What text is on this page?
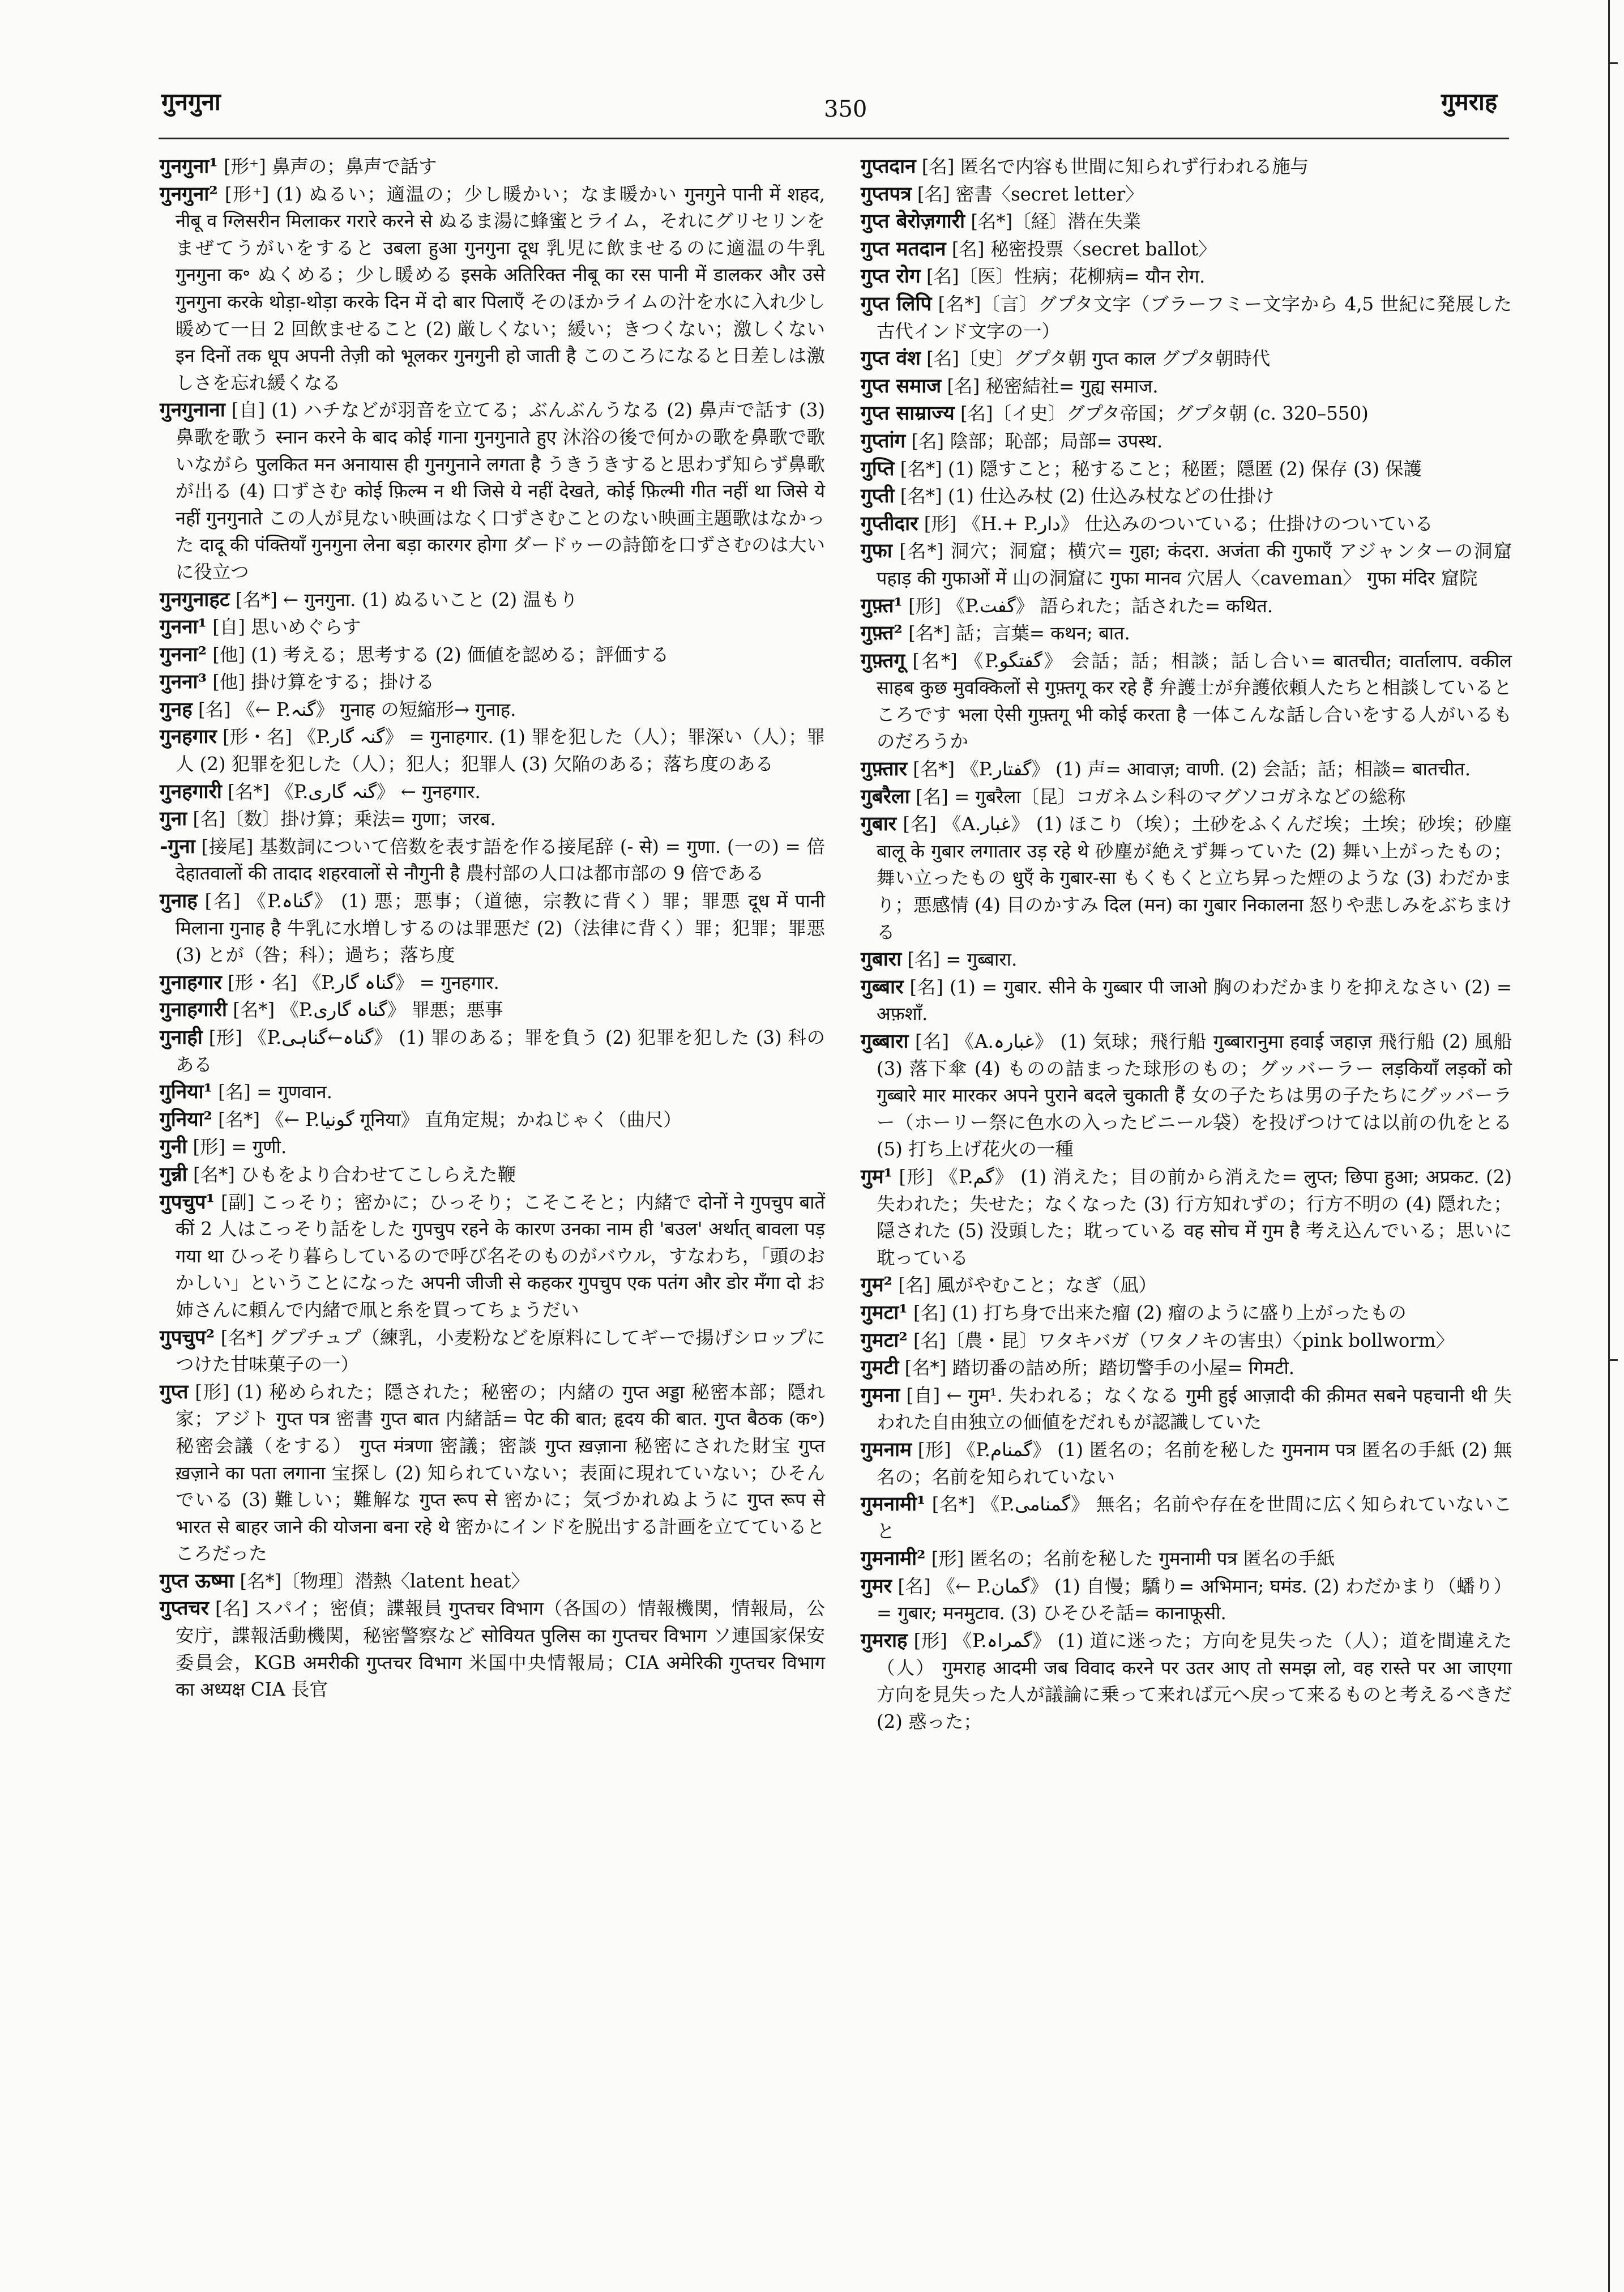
गुनगुना	350	गुमराह

गुनगुना¹ [形⁺] 鼻声の；鼻声で話す

गुनगुना² [形⁺] (1) ぬるい；適温の；少し暖かい；なま暖かい गुनगुने पानी में शहद, नीबू व ग्लिसरीन मिलाकर गरारे करने से ぬるま湯に蜂蜜とライム，それにグリセリンをまぜてうがいをすると उबला हुआ गुनगुना दूध 乳児に飲ませるのに適温の牛乳 गुनगुना क॰ ぬくめる；少し暖める इसके अतिरिक्त नीबू का रस पानी में डालकर और उसे गुनगुना करके थोड़ा-थोड़ा करके दिन में दो बार पिलाएँ そのほかライムの汁を水に入れ少し暖めて一日 2 回飲ませること (2) 厳しくない；緩い；きつくない；激しくない इन दिनों तक धूप अपनी तेज़ी को भूलकर गुनगुनी हो जाती है このころになると日差しは激しさを忘れ緩くなる

गुनगुनाना [自] (1) ハチなどが羽音を立てる；ぶんぶんうなる (2) 鼻声で話す (3) 鼻歌を歌う स्नान करने के बाद कोई गाना गुनगुनाते हुए 沐浴の後で何かの歌を鼻歌で歌いながら पुलकित मन अनायास ही गुनगुनाने लगता है うきうきすると思わず知らず鼻歌が出る (4) 口ずさむ कोई फ़िल्म न थी जिसे ये नहीं देखते, कोई फ़िल्मी गीत नहीं था जिसे ये नहीं गुनगुनाते この人が見ない映画はなく口ずさむことのない映画主題歌はなかった दादू की पंक्तियाँ गुनगुना लेना बड़ा कारगर होगा ダードゥーの詩節を口ずさむのは大いに役立つ

गुनगुनाहट [名*] ← गुनगुना. (1) ぬるいこと (2) 温もり

गुनना¹ [自] 思いめぐらす

गुनना² [他] (1) 考える；思考する (2) 価値を認める；評価する

गुनना³ [他] 掛け算をする；掛ける

गुनह [名] 《← P.گنہ》 गुनाह の短縮形→ गुनाह.

गुनहगार [形・名] 《P.گنہ گار》 = गुनाहगार. (1) 罪を犯した（人）；罪深い（人）；罪人 (2) 犯罪を犯した（人）；犯人；犯罪人 (3) 欠陥のある；落ち度のある

गुनहगारी [名*] 《P.گنہ گاری》 ← गुनहगार.

गुना [名]〔数〕掛け算；乗法= गुणा；जरब.

-गुना [接尾] 基数詞について倍数を表す語を作る接尾辞 (- से) = गुणा. (一の) = 倍 देहातवालों की तादाद शहरवालों से नौगुनी है 農村部の人口は都市部の 9 倍である

गुनाह [名] 《P.گناہ》 (1) 悪；悪事；（道徳，宗教に背く）罪；罪悪 दूध में पानी मिलाना गुनाह है 牛乳に水増しするのは罪悪だ (2)（法律に背く）罪；犯罪；罪悪 (3) とが（咎；科）；過ち；落ち度

गुनाहगार [形・名] 《P.گناہ گار》 = गुनहगार.

गुनाहगारी [名*] 《P.گناہ گاری》 罪悪；悪事

गुनाही [形] 《P.گناہ←گناہی》 (1) 罪のある；罪を負う (2) 犯罪を犯した (3) 科のある

गुनिया¹ [名] = गुणवान.

गुनिया² [名*] 《← P.گونیا गूनिया》 直角定規；かねじゃく（曲尺）

गुनी [形] = गुणी.

गुन्नी [名*] ひもをより合わせてこしらえた鞭

गुपचुप¹ [副] こっそり；密かに；ひっそり；こそこそと；内緒で दोनों ने गुपचुप बातें कीं 2 人はこっそり話をした गुपचुप रहने के कारण उनका नाम ही 'बउल' अर्थात् बावला पड़ गया था ひっそり暮らしているので呼び名そのものがバウル，すなわち，「頭のおかしい」ということになった अपनी जीजी से कहकर गुपचुप एक पतंग और डोर मँगा दो お姉さんに頼んで内緒で凧と糸を買ってちょうだい

गुपचुप² [名*] グプチュプ（練乳，小麦粉などを原料にしてギーで揚げシロップにつけた甘味菓子の一）

गुप्त [形] (1) 秘められた；隠された；秘密の；内緒の गुप्त अड्डा 秘密本部；隠れ家；アジト गुप्त पत्र 密書 गुप्त बात 内緒話= पेट की बात; हृदय की बात. गुप्त बैठक (क॰) 秘密会議（をする） गुप्त मंत्रणा 密議；密談 गुप्त ख़ज़ाना 秘密にされた財宝 गुप्त ख़ज़ाने का पता लगाना 宝探し (2) 知られていない；表面に現れていない；ひそんでいる (3) 難しい；難解な गुप्त रूप से 密かに；気づかれぬように गुप्त रूप से भारत से बाहर जाने की योजना बना रहे थे 密かにインドを脱出する計画を立てているところだった

गुप्त ऊष्मा [名*]〔物理〕潜熱〈latent heat〉

गुप्तचर [名] スパイ；密偵；諜報員 गुप्तचर विभाग（各国の）情報機関，情報局，公安庁，諜報活動機関，秘密警察など सोवियत पुलिस का गुप्तचर विभाग ソ連国家保安委員会，KGB अमरीकी गुप्तचर विभाग 米国中央情報局；CIA अमेरिकी गुप्तचर विभाग का अध्यक्ष CIA 長官

गुप्तदान [名] 匿名で内容も世間に知られず行われる施与

गुप्तपत्र [名] 密書〈secret letter〉

गुप्त बेरोज़गारी [名*]〔経〕潜在失業

गुप्त मतदान [名] 秘密投票〈secret ballot〉

गुप्त रोग [名]〔医〕性病；花柳病= यौन रोग.

गुप्त लिपि [名*]〔言〕グプタ文字（ブラーフミー文字から 4,5 世紀に発展した古代インド文字の一）

गुप्त वंश [名]〔史〕グプタ朝 गुप्त काल グプタ朝時代

गुप्त समाज [名] 秘密結社= गुह्य समाज.

गुप्त साम्राज्य [名]〔イ史〕グプタ帝国；グプタ朝 (c. 320–550)

गुप्तांग [名] 陰部；恥部；局部= उपस्थ.

गुप्ति [名*] (1) 隠すこと；秘すること；秘匿；隠匿 (2) 保存 (3) 保護

गुप्ती [名*] (1) 仕込み杖 (2) 仕込み杖などの仕掛け

गुप्तीदार [形] 《H.+ P.دار》 仕込みのついている；仕掛けのついている

गुफा [名*] 洞穴；洞窟；横穴= गुहा; कंदरा. अजंता की गुफाएँ アジャンターの洞窟 पहाड़ की गुफाओं में 山の洞窟に गुफा मानव 穴居人〈caveman〉 गुफा मंदिर 窟院

गुफ़्त¹ [形] 《P.گفت》 語られた；話された= कथित.

गुफ़्त² [名*] 話；言葉= कथन; बात.

गुफ़्तगू [名*] 《P.گفتگو》 会話；話；相談；話し合い= बातचीत; वार्तालाप. वकील साहब कुछ मुवक्किलों से गुफ़्तगू कर रहे हैं 弁護士が弁護依頼人たちと相談しているところです भला ऐसी गुफ़्तगू भी कोई करता है 一体こんな話し合いをする人がいるものだろうか

गुफ़्तार [名*] 《P.گفتار》 (1) 声= आवाज़; वाणी. (2) 会話；話；相談= बातचीत.

गुबरैला [名] = गुबरैला〔昆〕コガネムシ科のマグソコガネなどの総称

गुबार [名] 《A.غبار》 (1) ほこり（埃）；土砂をふくんだ埃；土埃；砂埃；砂塵 बालू के गुबार लगातार उड़ रहे थे 砂塵が絶えず舞っていた (2) 舞い上がったもの；舞い立ったもの धुएँ के गुबार-सा もくもくと立ち昇った煙のような (3) わだかまり；悪感情 (4) 目のかすみ दिल (मन) का गुबार निकालना 怒りや悲しみをぶちまける

गुबारा [名] = गुब्बारा.

गुब्बार [名] (1) = गुबार. सीने के गुब्बार पी जाओ 胸のわだかまりを抑えなさい (2) = अफ़शाँ.

गुब्बारा [名] 《A.غبارہ》 (1) 気球；飛行船 गुब्बारानुमा हवाई जहाज़ 飛行船 (2) 風船 (3) 落下傘 (4) ものの詰まった球形のもの；グッバーラー लड़कियाँ लड़कों को गुब्बारे मार मारकर अपने पुराने बदले चुकाती हैं 女の子たちは男の子たちにグッバーラー（ホーリー祭に色水の入ったビニール袋）を投げつけては以前の仇をとる (5) 打ち上げ花火の一種

गुम¹ [形] 《P.گم》 (1) 消えた；目の前から消えた= लुप्त; छिपा हुआ; अप्रकट. (2) 失われた；失せた；なくなった (3) 行方知れずの；行方不明の (4) 隠れた；隠された (5) 没頭した；耽っている वह सोच में गुम है 考え込んでいる；思いに耽っている

गुम² [名] 風がやむこと；なぎ（凪）

गुमटा¹ [名] (1) 打ち身で出来た瘤 (2) 瘤のように盛り上がったもの

गुमटा² [名]〔農・昆〕ワタキバガ（ワタノキの害虫）〈pink bollworm〉

गुमटी [名*] 踏切番の詰め所；踏切警手の小屋= गिमटी.

गुमना [自] ← गुम¹. 失われる；なくなる गुमी हुई आज़ादी की क़ीमत सबने पहचानी थी 失われた自由独立の価値をだれもが認識していた

गुमनाम [形] 《P.گمنام》 (1) 匿名の；名前を秘した गुमनाम पत्र 匿名の手紙 (2) 無名の；名前を知られていない

गुमनामी¹ [名*] 《P.گمنامی》 無名；名前や存在を世間に広く知られていないこと

गुमनामी² [形] 匿名の；名前を秘した गुमनामी पत्र 匿名の手紙

गुमर [名] 《← P.گمان》 (1) 自慢；驕り= अभिमान; घमंड. (2) わだかまり（蟠り）= गुबार; मनमुटाव. (3) ひそひそ話= कानाफूसी.

गुमराह [形] 《P.گمراہ》 (1) 道に迷った；方向を見失った（人）；道を間違えた（人） गुमराह आदमी जब विवाद करने पर उतर आए तो समझ लो, वह रास्ते पर आ जाएगा 方向を見失った人が議論に乗って来れば元へ戻って来るものと考えるべきだ (2) 惑った；
